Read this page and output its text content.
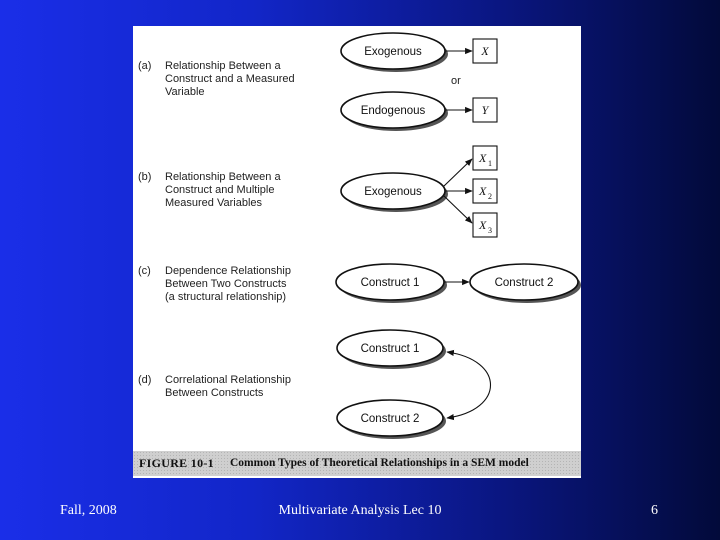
(a) Relationship Between a
Construct and a Measured
Variable
(b) Relationship Between a
Construct and Multiple
Measured Variables
(c) Dependence Relationship
Between Two Constructs
(a structural relationship)
(d) Correlational Relationship
Between Constructs
Exogenous	X
or
Endogenous	Y
Exogenous
X 1
X 2
X 3
Construct 1	Construct 2
Construct 1
Construct 2
FIGURE 10-1 Common Types of Theoretical Relationships in a SEM model
Fall, 2008	Multivariate Analysis Lec 10	6
